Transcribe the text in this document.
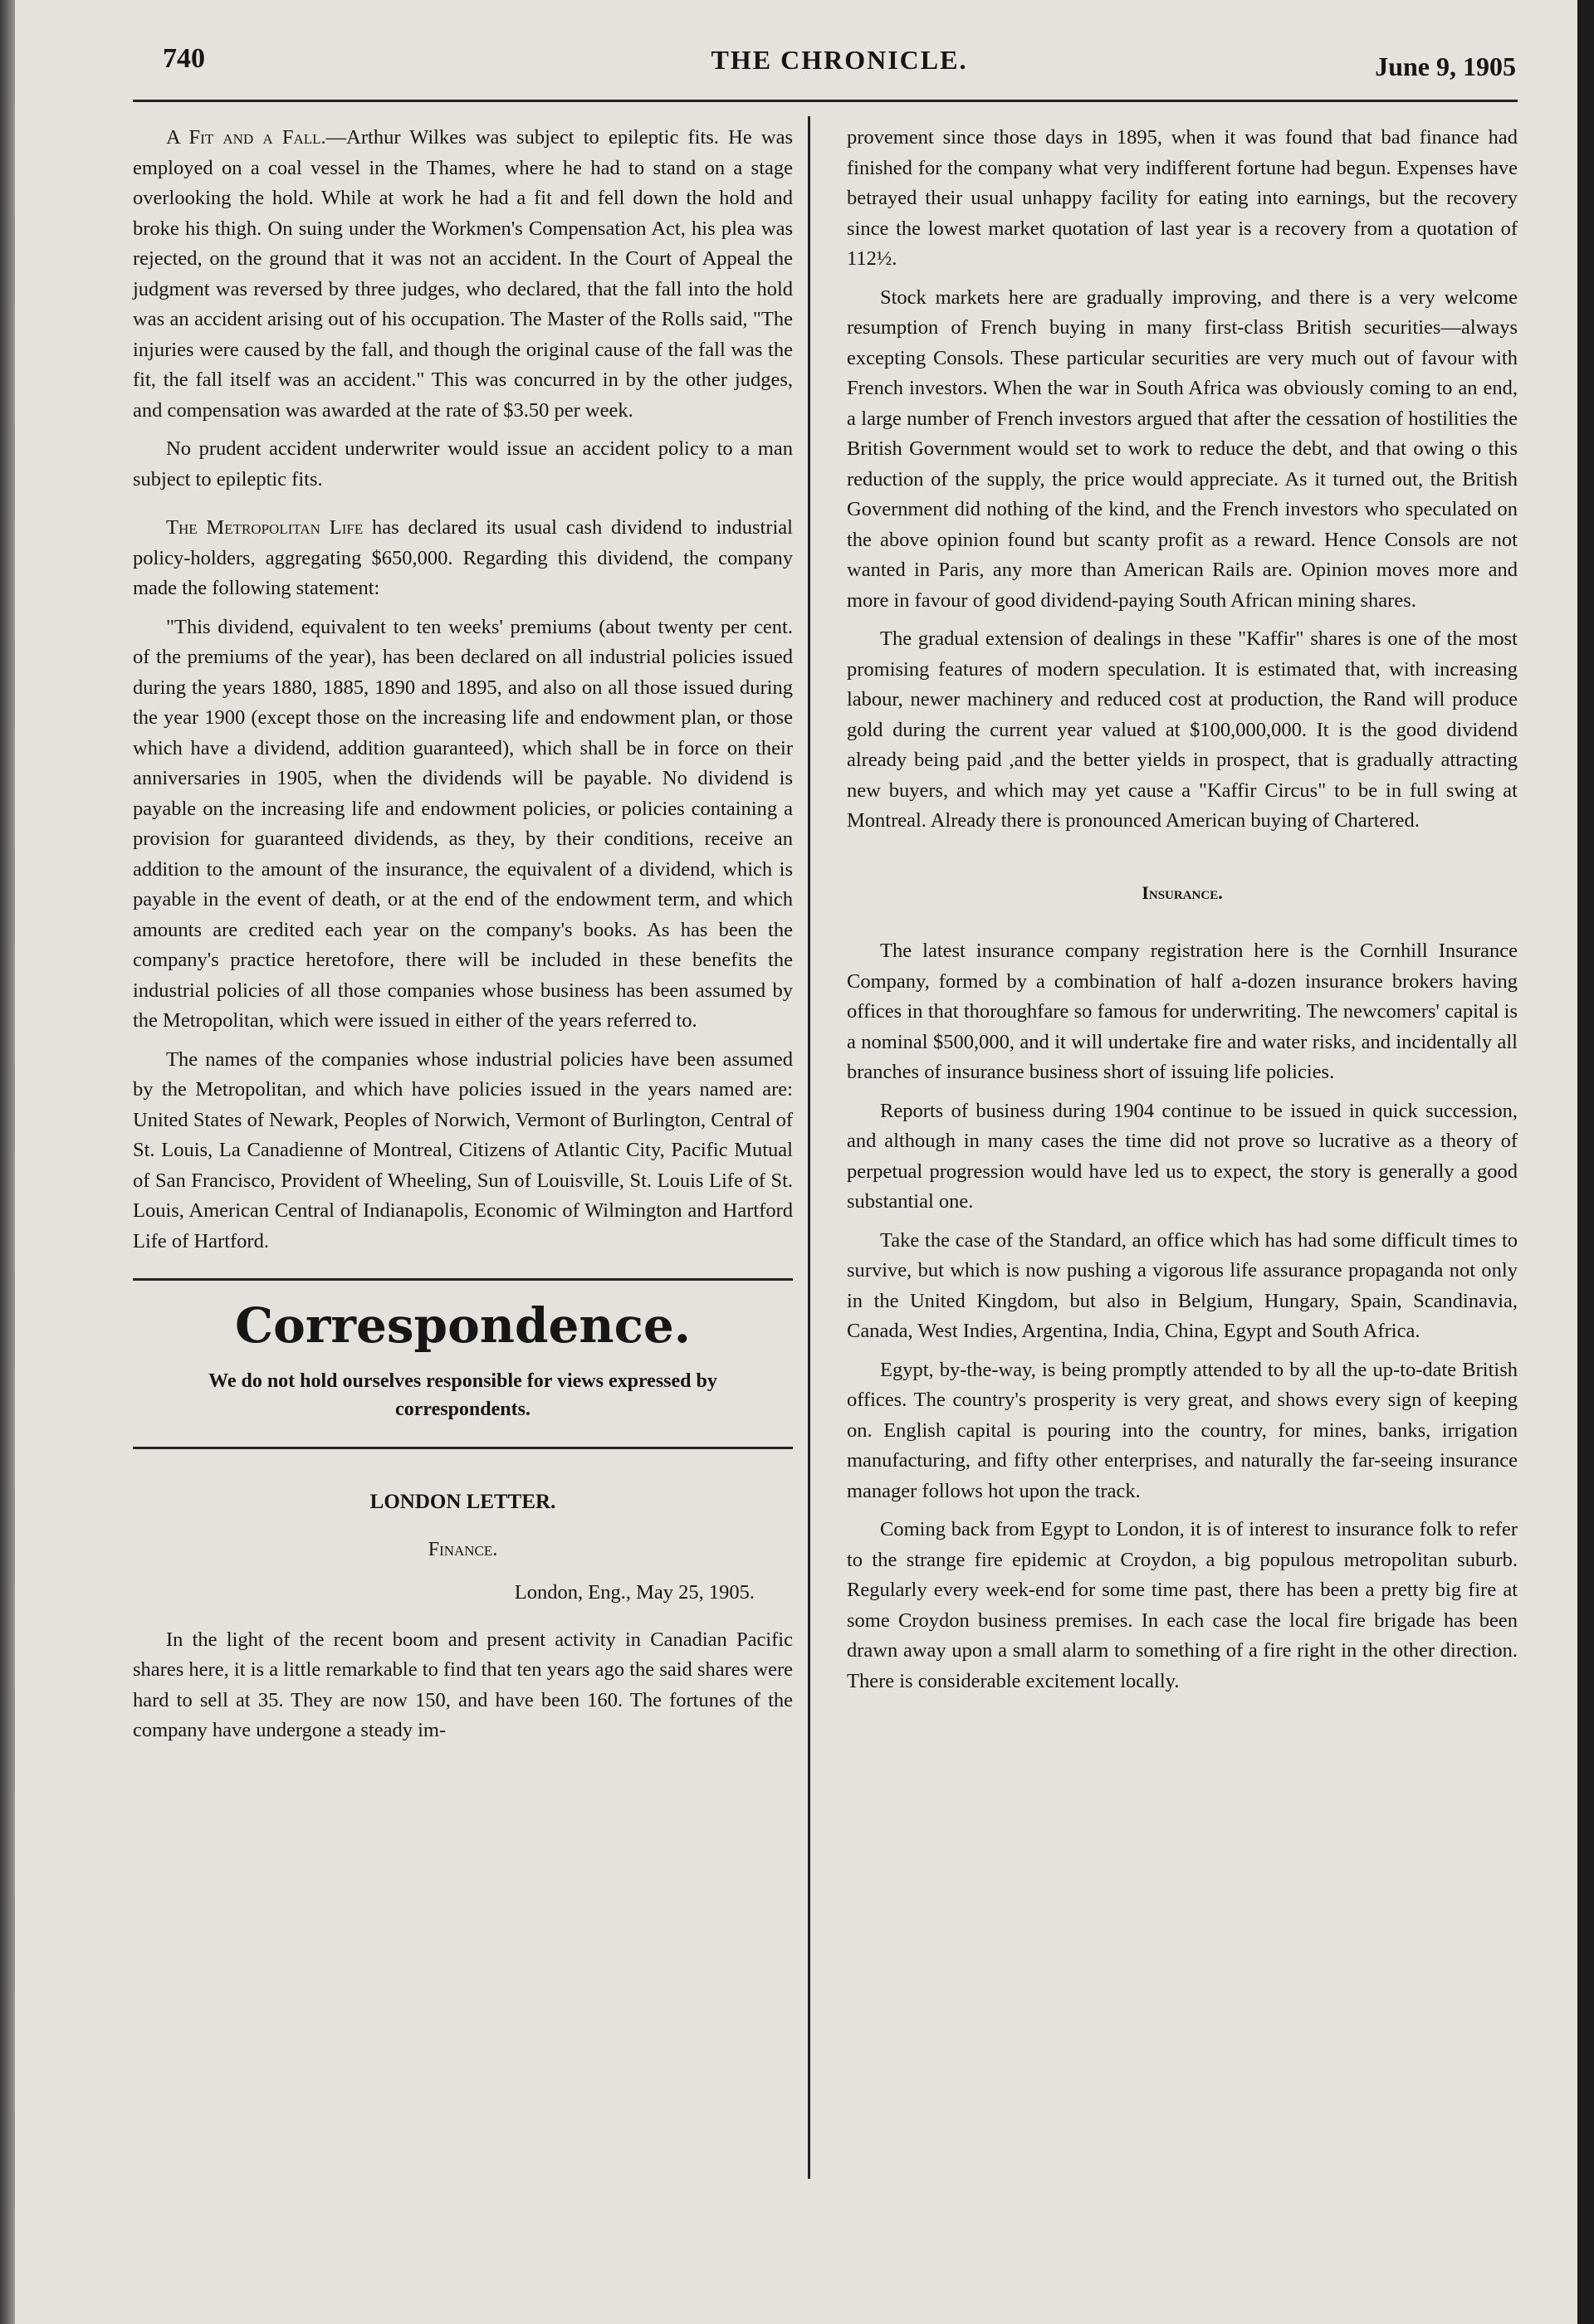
740	THE CHRONICLE.	June 9, 1905

A Fit and a Fall.—Arthur Wilkes was subject to epileptic fits. He was employed on a coal vessel in the Thames, where he had to stand on a stage overlooking the hold. While at work he had a fit and fell down the hold and broke his thigh. On suing under the Workmen's Compensation Act, his plea was rejected, on the ground that it was not an accident. In the Court of Appeal the judgment was reversed by three judges, who declared, that the fall into the hold was an accident arising out of his occupation. The Master of the Rolls said, "The injuries were caused by the fall, and though the original cause of the fall was the fit, the fall itself was an accident." This was concurred in by the other judges, and compensation was awarded at the rate of $3.50 per week.

No prudent accident underwriter would issue an accident policy to a man subject to epileptic fits.

The Metropolitan Life has declared its usual cash dividend to industrial policy-holders, aggregating $650,000. Regarding this dividend, the company made the following statement:

"This dividend, equivalent to ten weeks' premiums (about twenty per cent. of the premiums of the year), has been declared on all industrial policies issued during the years 1880, 1885, 1890 and 1895, and also on all those issued during the year 1900 (except those on the increasing life and endowment plan, or those which have a dividend, addition guaranteed), which shall be in force on their anniversaries in 1905, when the dividends will be payable. No dividend is payable on the increasing life and endowment policies, or policies containing a provision for guaranteed dividends, as they, by their conditions, receive an addition to the amount of the insurance, the equivalent of a dividend, which is payable in the event of death, or at the end of the endowment term, and which amounts are credited each year on the company's books. As has been the company's practice heretofore, there will be included in these benefits the industrial policies of all those companies whose business has been assumed by the Metropolitan, which were issued in either of the years referred to.

The names of the companies whose industrial policies have been assumed by the Metropolitan, and which have policies issued in the years named are: United States of Newark, Peoples of Norwich, Vermont of Burlington, Central of St. Louis, La Canadienne of Montreal, Citizens of Atlantic City, Pacific Mutual of San Francisco, Provident of Wheeling, Sun of Louisville, St. Louis Life of St. Louis, American Central of Indianapolis, Economic of Wilmington and Hartford Life of Hartford.

Correspondence.
We do not hold ourselves responsible for views expressed by correspondents.
LONDON LETTER.
Finance.
London, Eng., May 25, 1905.

In the light of the recent boom and present activity in Canadian Pacific shares here, it is a little remarkable to find that ten years ago the said shares were hard to sell at 35. They are now 150, and have been 160. The fortunes of the company have undergone a steady im-

provement since those days in 1895, when it was found that bad finance had finished for the company what very indifferent fortune had begun. Expenses have betrayed their usual unhappy facility for eating into earnings, but the recovery since the lowest market quotation of last year is a recovery from a quotation of 112½.

Stock markets here are gradually improving, and there is a very welcome resumption of French buying in many first-class British securities—always excepting Consols. These particular securities are very much out of favour with French investors. When the war in South Africa was obviously coming to an end, a large number of French investors argued that after the cessation of hostilities the British Government would set to work to reduce the debt, and that owing o this reduction of the supply, the price would appreciate. As it turned out, the British Government did nothing of the kind, and the French investors who speculated on the above opinion found but scanty profit as a reward. Hence Consols are not wanted in Paris, any more than American Rails are. Opinion moves more and more in favour of good dividend-paying South African mining shares.

The gradual extension of dealings in these "Kaffir" shares is one of the most promising features of modern speculation. It is estimated that, with increasing labour, newer machinery and reduced cost at production, the Rand will produce gold during the current year valued at $100,000,000. It is the good dividend already being paid ,and the better yields in prospect, that is gradually attracting new buyers, and which may yet cause a "Kaffir Circus" to be in full swing at Montreal. Already there is pronounced American buying of Chartered.

Insurance.

The latest insurance company registration here is the Cornhill Insurance Company, formed by a combination of half a-dozen insurance brokers having offices in that thoroughfare so famous for underwriting. The newcomers' capital is a nominal $500,000, and it will undertake fire and water risks, and incidentally all branches of insurance business short of issuing life policies.

Reports of business during 1904 continue to be issued in quick succession, and although in many cases the time did not prove so lucrative as a theory of perpetual progression would have led us to expect, the story is generally a good substantial one.

Take the case of the Standard, an office which has had some difficult times to survive, but which is now pushing a vigorous life assurance propaganda not only in the United Kingdom, but also in Belgium, Hungary, Spain, Scandinavia, Canada, West Indies, Argentina, India, China, Egypt and South Africa.

Egypt, by-the-way, is being promptly attended to by all the up-to-date British offices. The country's prosperity is very great, and shows every sign of keeping on. English capital is pouring into the country, for mines, banks, irrigation manufacturing, and fifty other enterprises, and naturally the far-seeing insurance manager follows hot upon the track.

Coming back from Egypt to London, it is of interest to insurance folk to refer to the strange fire epidemic at Croydon, a big populous metropolitan suburb. Regularly every week-end for some time past, there has been a pretty big fire at some Croydon business premises. In each case the local fire brigade has been drawn away upon a small alarm to something of a fire right in the other direction. There is considerable excitement locally.
